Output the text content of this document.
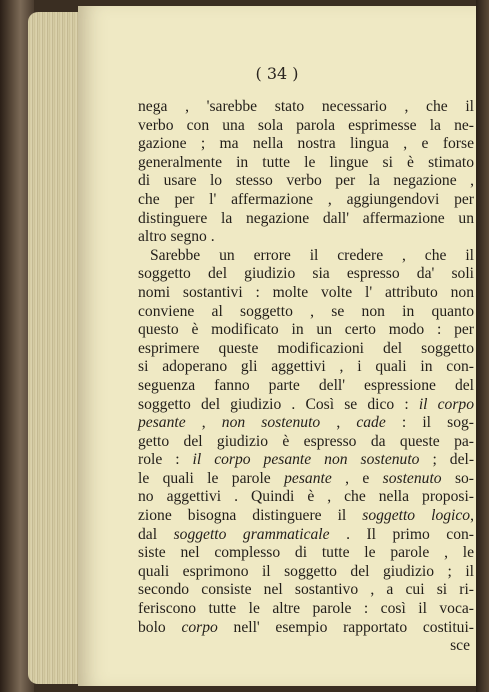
( 34 )
nega , 'sarebbe stato necessario , che il
verbo con una sola parola esprimesse la ne-
gazione ; ma nella nostra lingua , e forse
generalmente in tutte le lingue si è stimato
di usare lo stesso verbo per la negazione ,
che per l' affermazione , aggiungendovi per
distinguere la negazione dall' affermazione un
altro segno .
Sarebbe un errore il credere , che il
soggetto del giudizio sia espresso da' soli
nomi sostantivi : molte volte l' attributo non
conviene al soggetto , se non in quanto
questo è modificato in un certo modo : per
esprimere queste modificazioni del soggetto
si adoperano gli aggettivi , i quali in con-
seguenza fanno parte dell' espressione del
soggetto del giudizio . Così se dico : il corpo
pesante , non sostenuto , cade : il sog-
getto del giudizio è espresso da queste pa-
role : il corpo pesante non sostenuto ; del-
le quali le parole pesante , e sostenuto so-
no aggettivi . Quindi è , che nella proposi-
zione bisogna distinguere il soggetto logico,
dal soggetto grammaticale . Il primo con-
siste nel complesso di tutte le parole , le
quali esprimono il soggetto del giudizio ; il
secondo consiste nel sostantivo , a cui si ri-
feriscono tutte le altre parole : così il voca-
bolo corpo nell' esempio rapportato costitui-
sce
